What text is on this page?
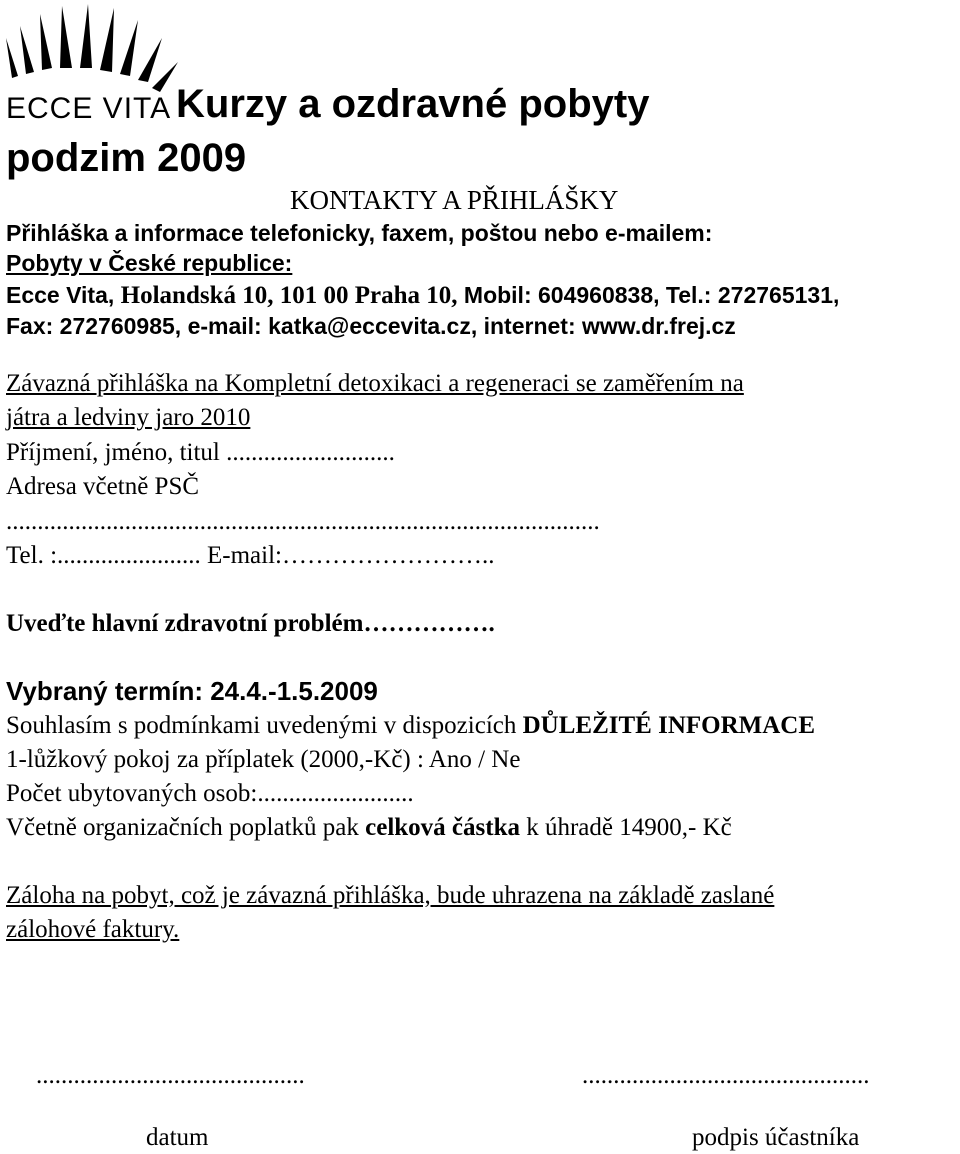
ECCE VITA Kurzy a ozdravné pobyty
podzim 2009
KONTAKTY A PŘIHLÁŠKY
Přihláška a informace telefonicky, faxem, poštou nebo e-mailem:
Pobyty v České republice:
Ecce Vita, Holandská 10, 101 00 Praha 10, Mobil: 604960838, Tel.: 272765131,
Fax: 272760985, e-mail: katka@eccevita.cz, internet: www.dr.frej.cz
Závazná přihláška na Kompletní detoxikaci a regeneraci se zaměřením na
játra a ledviny jaro 2010
Příjmení, jméno, titul ...........................
Adresa včetně PSČ
...............................................................................................
Tel. :....................... E-mail:……………………..
Uveďte hlavní zdravotní problém…………….
Vybraný termín: 24.4.-1.5.2009
Souhlasím s podmínkami uvedenými v dispozicích DŮLEŽITÉ INFORMACE
1-lůžkový pokoj za příplatek (2000,-Kč) : Ano / Ne
Počet ubytovaných osob:.........................
Včetně organizačních poplatků pak celková částka k úhradě 14900,- Kč
Záloha na pobyt, což je závazná přihláška, bude uhrazena na základě zaslané
zálohové faktury.
...........................................	..............................................
datum	podpis účastníka
